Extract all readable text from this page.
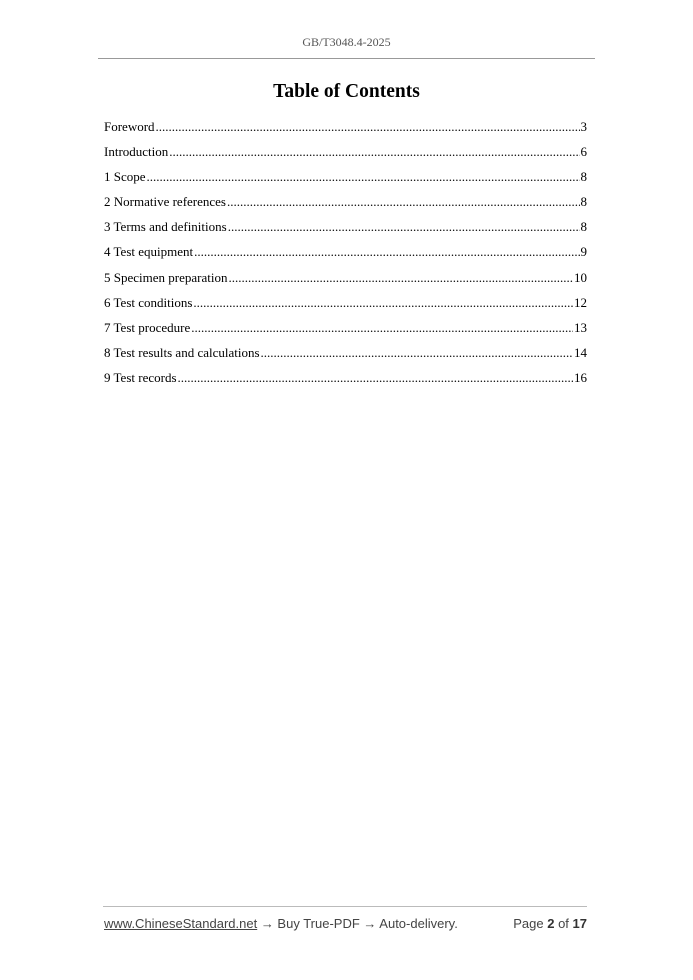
GB/T3048.4-2025
Table of Contents
Foreword .....	3
Introduction .....	6
1 Scope .....	8
2 Normative references .....	8
3 Terms and definitions .....	8
4 Test equipment .....	9
5 Specimen preparation .....	10
6 Test conditions .....	12
7 Test procedure .....	13
8 Test results and calculations .....	14
9 Test records .....	16
www.ChineseStandard.net → Buy True-PDF → Auto-delivery.	Page 2 of 17
